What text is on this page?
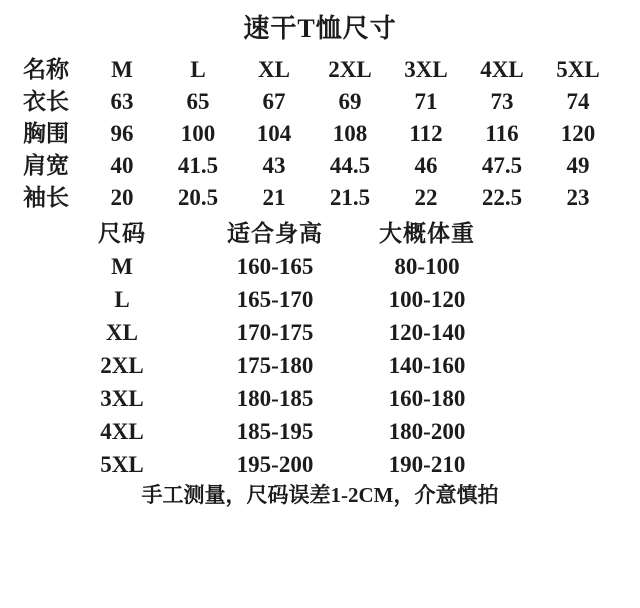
速干T恤尺寸
名称	M	L	XL	2XL	3XL	4XL	5XL
衣长	63	65	67	69	71	73	74
胸围	96	100	104	108	112	116	120
肩宽	40	41.5	43	44.5	46	47.5	49
袖长	20	20.5	21	21.5	22	22.5	23
尺码	适合身高	大概体重
M	160-165	80-100
L	165-170	100-120
XL	170-175	120-140
2XL	175-180	140-160
3XL	180-185	160-180
4XL	185-195	180-200
5XL	195-200	190-210
手工测量，尺码误差1-2CM，介意慎拍
